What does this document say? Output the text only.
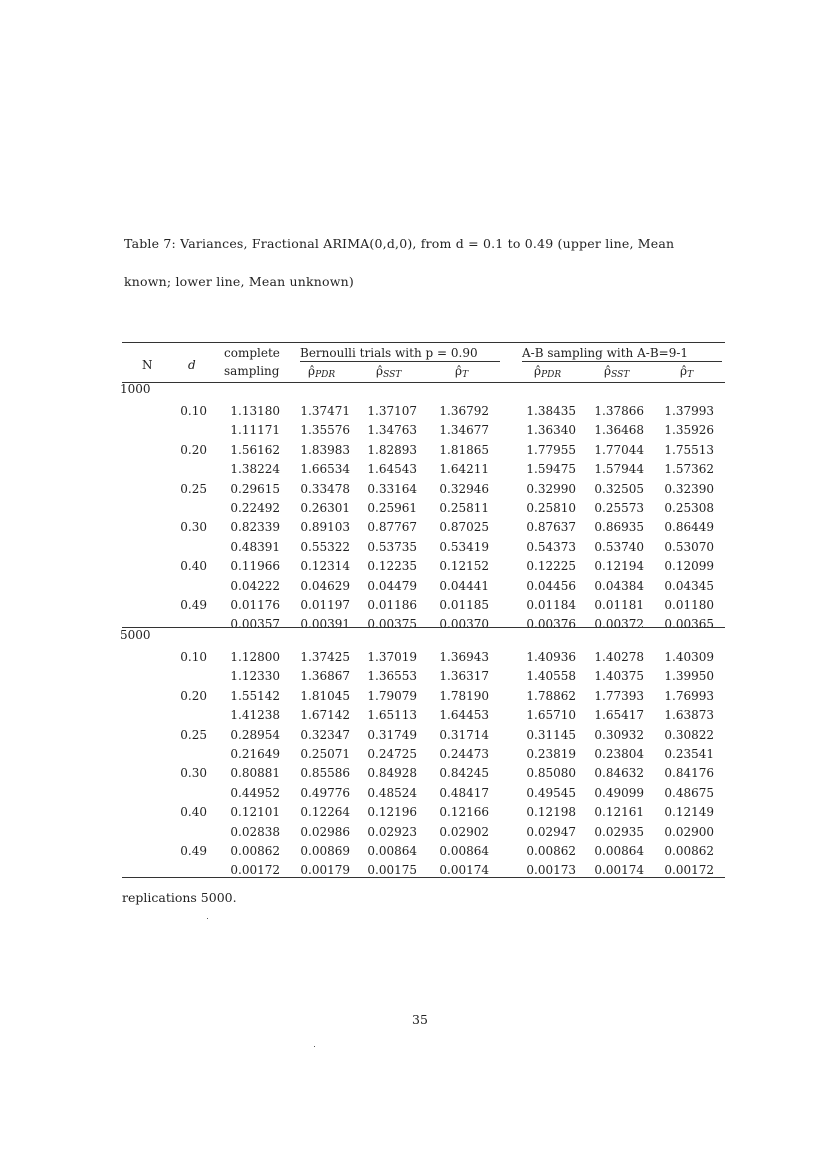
Table 7: Variances, Fractional ARIMA(0,d,0), from d = 0.1 to 0.49 (upper line, Mean
known; lower line, Mean unknown)
N	d
complete
sampling
Bernoulli trials with p = 0.90	A-B sampling with A-B=9-1
$\rhô_{PDR}$	$\rhô_{SST}$	$\rhô_T$	$\rhô_{PDR}$	$\rhô_{SST}$	$\rhô_T$
1000
0.10	1.13180	1.37471	1.37107	1.36792	1.38435	1.37866	1.37993
1.11171	1.35576	1.34763	1.34677	1.36340	1.36468	1.35926
0.20	1.56162	1.83983	1.82893	1.81865	1.77955	1.77044	1.75513
1.38224	1.66534	1.64543	1.64211	1.59475	1.57944	1.57362
0.25	0.29615	0.33478	0.33164	0.32946	0.32990	0.32505	0.32390
0.22492	0.26301	0.25961	0.25811	0.25810	0.25573	0.25308
0.30	0.82339	0.89103	0.87767	0.87025	0.87637	0.86935	0.86449
0.48391	0.55322	0.53735	0.53419	0.54373	0.53740	0.53070
0.40	0.11966	0.12314	0.12235	0.12152	0.12225	0.12194	0.12099
0.04222	0.04629	0.04479	0.04441	0.04456	0.04384	0.04345
0.49	0.01176	0.01197	0.01186	0.01185	0.01184	0.01181	0.01180
0.00357	0.00391	0.00375	0.00370	0.00376	0.00372	0.00365
5000
0.10	1.12800	1.37425	1.37019	1.36943	1.40936	1.40278	1.40309
1.12330	1.36867	1.36553	1.36317	1.40558	1.40375	1.39950
0.20	1.55142	1.81045	1.79079	1.78190	1.78862	1.77393	1.76993
1.41238	1.67142	1.65113	1.64453	1.65710	1.65417	1.63873
0.25	0.28954	0.32347	0.31749	0.31714	0.31145	0.30932	0.30822
0.21649	0.25071	0.24725	0.24473	0.23819	0.23804	0.23541
0.30	0.80881	0.85586	0.84928	0.84245	0.85080	0.84632	0.84176
0.44952	0.49776	0.48524	0.48417	0.49545	0.49099	0.48675
0.40	0.12101	0.12264	0.12196	0.12166	0.12198	0.12161	0.12149
0.02838	0.02986	0.02923	0.02902	0.02947	0.02935	0.02900
0.49	0.00862	0.00869	0.00864	0.00864	0.00862	0.00864	0.00862
0.00172	0.00179	0.00175	0.00174	0.00173	0.00174	0.00172
replications 5000.
35
